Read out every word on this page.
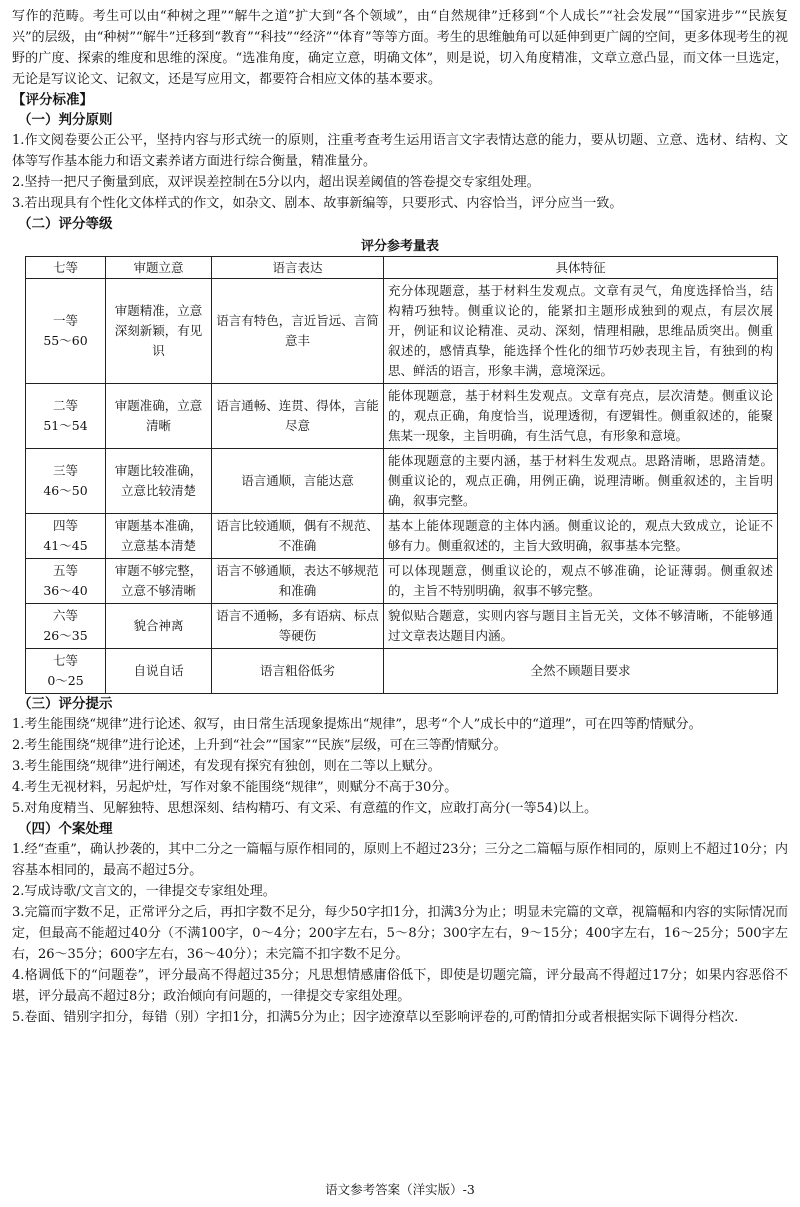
写作的范畴。考生可以由“种树之理”“解牛之道”扩大到“各个领域”，由“自然规律”迁移到“个人成长”“社会发展”“国家进步”“民族复兴”的层级，由“种树”“解牛”迁移到“教育”“科技”“经济”“体育”等等方面。考生的思维触角可以延伸到更广阔的空间，更多体现考生的视野的广度、探索的维度和思维的深度。“选准角度，确定立意，明确文体”，则是说，切入角度精准，文章立意凸显，而文体一旦选定，无论是写议论文、记叙文，还是写应用文，都要符合相应文体的基本要求。

【评分标准】
（一）判分原则

1.作文阅卷要公正公平，坚持内容与形式统一的原则，注重考查考生运用语言文字表情达意的能力，要从切题、立意、选材、结构、文体等写作基本能力和语文素养诸方面进行综合衡量，精准量分。

2.坚持一把尺子衡量到底，双评误差控制在5分以内，超出误差阈值的答卷提交专家组处理。

3.若出现具有个性化文体样式的作文，如杂文、剧本、故事新编等，只要形式、内容恰当，评分应当一致。

（二）评分等级
评分参考量表
七等	审题立意	语言表达	具体特征
一等
55～60	审题精准，立意深刻新颖，有见识	语言有特色，言近旨远、言简意丰	充分体现题意，基于材料生发观点。文章有灵气，角度选择恰当，结构精巧独特。侧重议论的，能紧扣主题形成独到的观点，有层次展开，例证和议论精准、灵动、深刻，情理相融，思维品质突出。侧重叙述的，感情真挚，能选择个性化的细节巧妙表现主旨，有独到的构思、鲜活的语言，形象丰满，意境深远。
二等
51～54	审题准确，立意清晰	语言通畅、连贯、得体，言能尽意	能体现题意，基于材料生发观点。文章有亮点，层次清楚。侧重议论的，观点正确，角度恰当，说理透彻，有逻辑性。侧重叙述的，能聚焦某一现象，主旨明确，有生活气息，有形象和意境。
三等
46～50	审题比较准确，立意比较清楚	语言通顺，言能达意	能体现题意的主要内涵，基于材料生发观点。思路清晰，思路清楚。侧重议论的，观点正确，用例正确，说理清晰。侧重叙述的，主旨明确，叙事完整。
四等
41～45	审题基本准确，立意基本清楚	语言比较通顺，偶有不规范、不准确	基本上能体现题意的主体内涵。侧重议论的，观点大致成立，论证不够有力。侧重叙述的，主旨大致明确，叙事基本完整。
五等
36～40	审题不够完整，立意不够清晰	语言不够通顺，表达不够规范和准确	可以体现题意，侧重议论的，观点不够准确，论证薄弱。侧重叙述的，主旨不特别明确，叙事不够完整。
六等
26～35	貌合神离	语言不通畅，多有语病、标点等硬伤	貌似贴合题意，实则内容与题目主旨无关，文体不够清晰，不能够通过文章表达题目内涵。
七等
0～25	自说自话	语言粗俗低劣	全然不顾题目要求
（三）评分提示

1.考生能围绕“规律”进行论述、叙写，由日常生活现象提炼出“规律”，思考“个人”成长中的“道理”，可在四等酌情赋分。

2.考生能围绕“规律”进行论述，上升到“社会”“国家”“民族”层级，可在三等酌情赋分。

3.考生能围绕“规律”进行阐述，有发现有探究有独创，则在二等以上赋分。

4.考生无视材料，另起炉灶，写作对象不能围绕“规律”，则赋分不高于30分。

5.对角度精当、见解独特、思想深刻、结构精巧、有文采、有意蕴的作文，应敢打高分(一等54)以上。

（四）个案处理

1.经“查重”，确认抄袭的，其中二分之一篇幅与原作相同的，原则上不超过23分；三分之二篇幅与原作相同的，原则上不超过10分；内容基本相同的，最高不超过5分。

2.写成诗歌/文言文的，一律提交专家组处理。

3.完篇而字数不足，正常评分之后，再扣字数不足分，每少50字扣1分，扣满3分为止；明显未完篇的文章，视篇幅和内容的实际情况而定，但最高不能超过40分（不满100字，0～4分；200字左右，5～8分；300字左右，9～15分；400字左右，16～25分；500字左右，26～35分；600字左右，36～40分）；未完篇不扣字数不足分。

4.格调低下的“问题卷”，评分最高不得超过35分；凡思想情感庸俗低下，即使是切题完篇，评分最高不得超过17分；如果内容恶俗不堪，评分最高不超过8分；政治倾向有问题的，一律提交专家组处理。

5.卷面、错别字扣分，每错（别）字扣1分，扣满5分为止；因字迹潦草以至影响评卷的,可酌情扣分或者根据实际下调得分档次.

语文参考答案（洋实版）-3
